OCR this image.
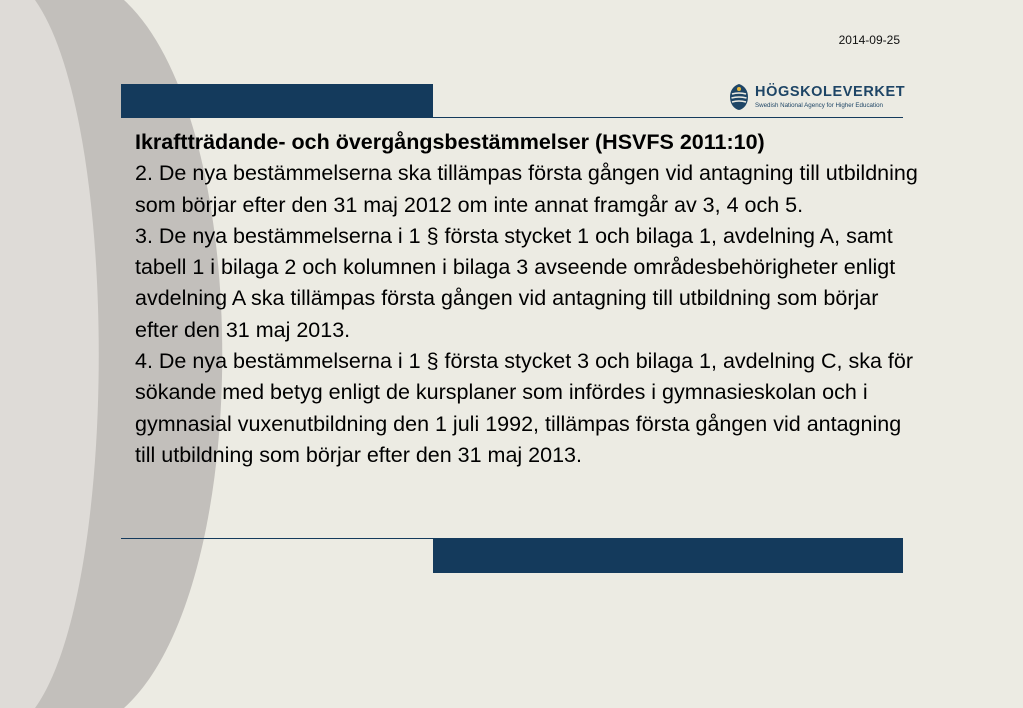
2014-09-25
HÖGSKOLEVERKET
Swedish National Agency for Higher Education

Ikraftträdande- och övergångsbestämmelser (HSVFS 2011:10)

2. De nya bestämmelserna ska tillämpas första gången vid antagning till utbildning som börjar efter den 31 maj 2012 om inte annat framgår av 3, 4 och 5.

3. De nya bestämmelserna i 1 § första stycket 1 och bilaga 1, avdelning A, samt tabell 1 i bilaga 2 och kolumnen i bilaga 3 avseende områdesbehörigheter enligt avdelning A ska tillämpas första gången vid antagning till utbildning som börjar efter den 31 maj 2013.

4. De nya bestämmelserna i 1 § första stycket 3 och bilaga 1, avdelning C, ska för sökande med betyg enligt de kursplaner som infördes i gymnasieskolan och i gymnasial vuxenutbildning den 1 juli 1992, tillämpas första gången vid antagning till utbildning som börjar efter den 31 maj 2013.
